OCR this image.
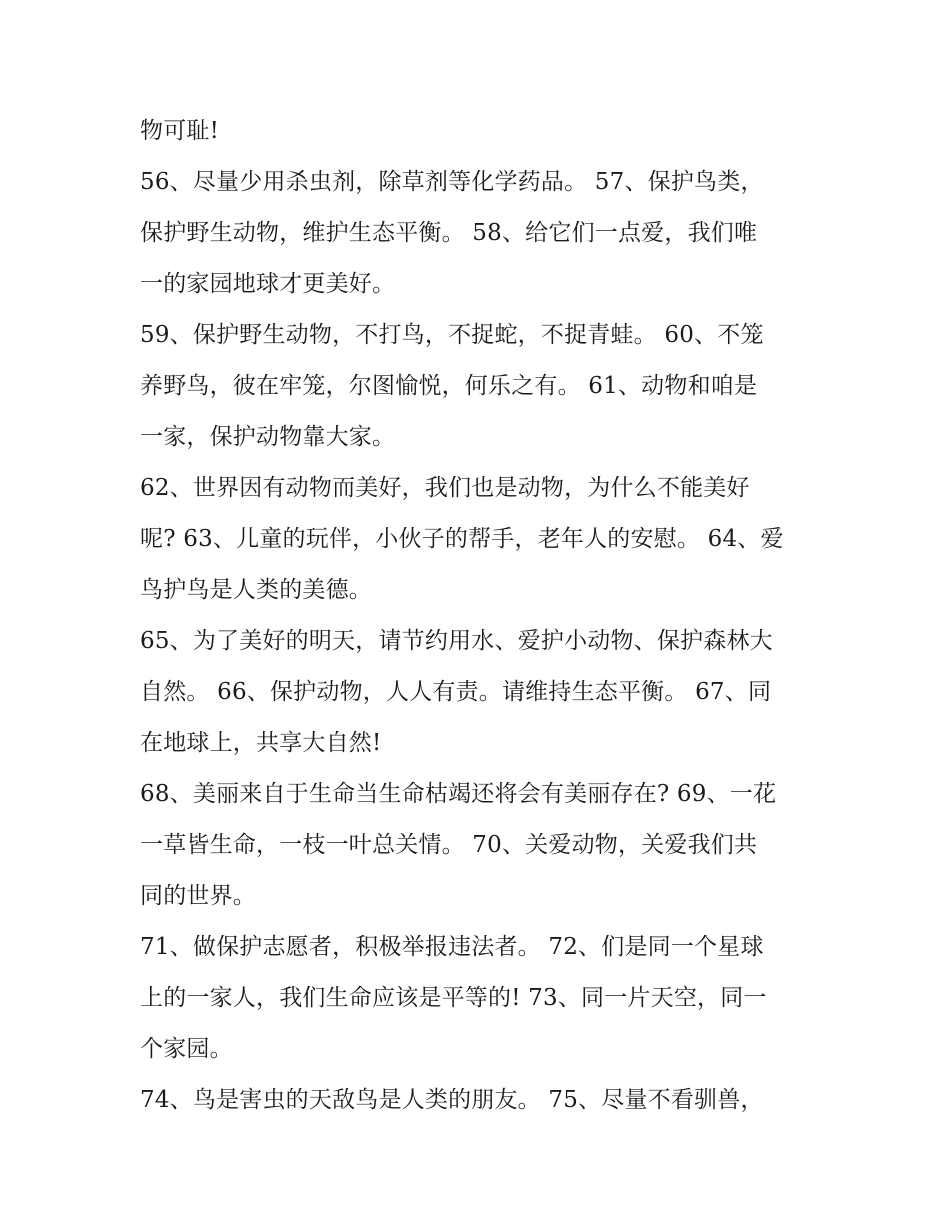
物可耻!
56、尽量少用杀虫剂，除草剂等化学药品。 57、保护鸟类，
保护野生动物，维护生态平衡。 58、给它们一点爱，我们唯
一的家园地球才更美好。
59、保护野生动物，不打鸟，不捉蛇，不捉青蛙。 60、不笼
养野鸟，彼在牢笼，尔图愉悦，何乐之有。 61、动物和咱是
一家，保护动物靠大家。
62、世界因有动物而美好，我们也是动物，为什么不能美好
呢? 63、儿童的玩伴，小伙子的帮手，老年人的安慰。 64、爱
鸟护鸟是人类的美德。
65、为了美好的明天，请节约用水、爱护小动物、保护森林大
自然。 66、保护动物，人人有责。请维持生态平衡。 67、同
在地球上，共享大自然!
68、美丽来自于生命当生命枯竭还将会有美丽存在? 69、一花
一草皆生命，一枝一叶总关情。 70、关爱动物，关爱我们共
同的世界。
71、做保护志愿者，积极举报违法者。 72、们是同一个星球
上的一家人，我们生命应该是平等的! 73、同一片天空，同一
个家园。
74、鸟是害虫的天敌鸟是人类的朋友。 75、尽量不看驯兽，
